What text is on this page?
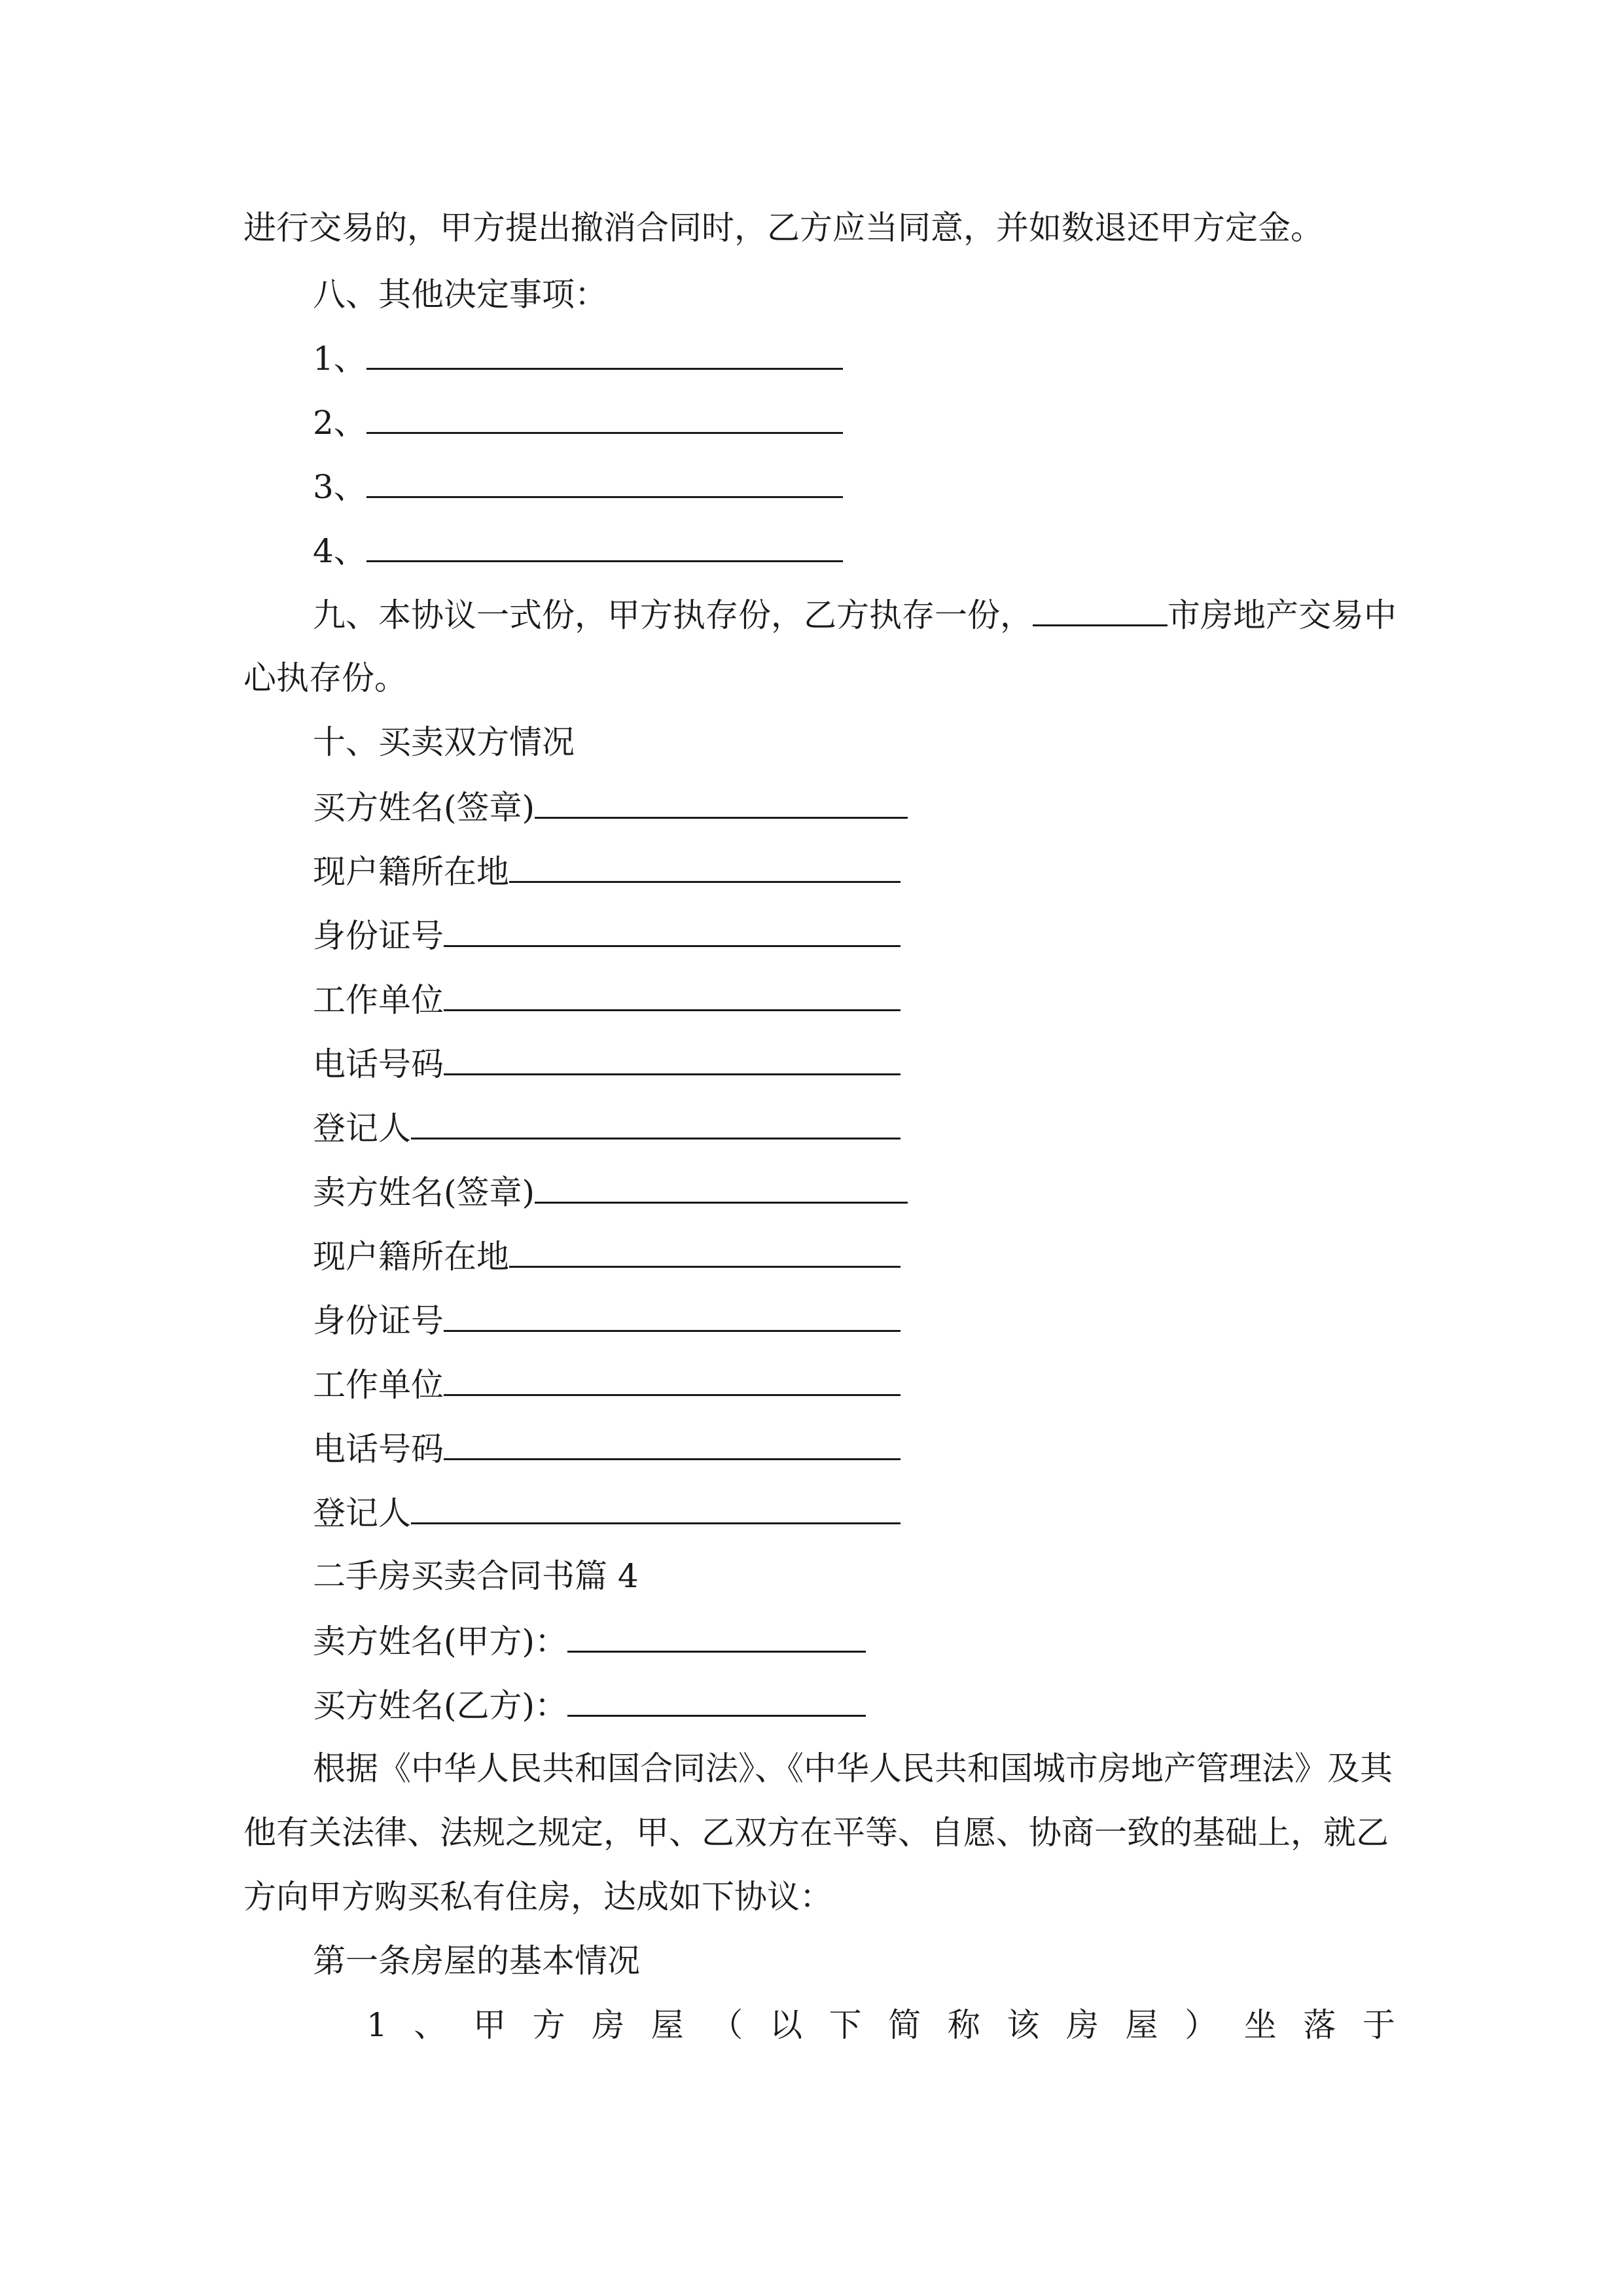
进行交易的，甲方提出撤消合同时，乙方应当同意，并如数退还甲方定金。
八、其他决定事项：
1、
2、
3、
4、
九、本协议一式份，甲方执存份，乙方执存一份，	市房地产交易中
心执存份。
十、买卖双方情况
买方姓名(签章)
现户籍所在地
身份证号
工作单位
电话号码
登记人
卖方姓名(签章)
现户籍所在地
身份证号
工作单位
电话号码
登记人
二手房买卖合同书篇 4
卖方姓名(甲方)：
买方姓名(乙方)：
根据《中华人民共和国合同法》、《中华人民共和国城市房地产管理法》及其
他有关法律、法规之规定，甲、乙双方在平等、自愿、协商一致的基础上，就乙
方向甲方购买私有住房，达成如下协议：
第一条房屋的基本情况
1 、 甲 方 房 屋 （ 以 下 简 称 该 房 屋 ） 坐 落 于
